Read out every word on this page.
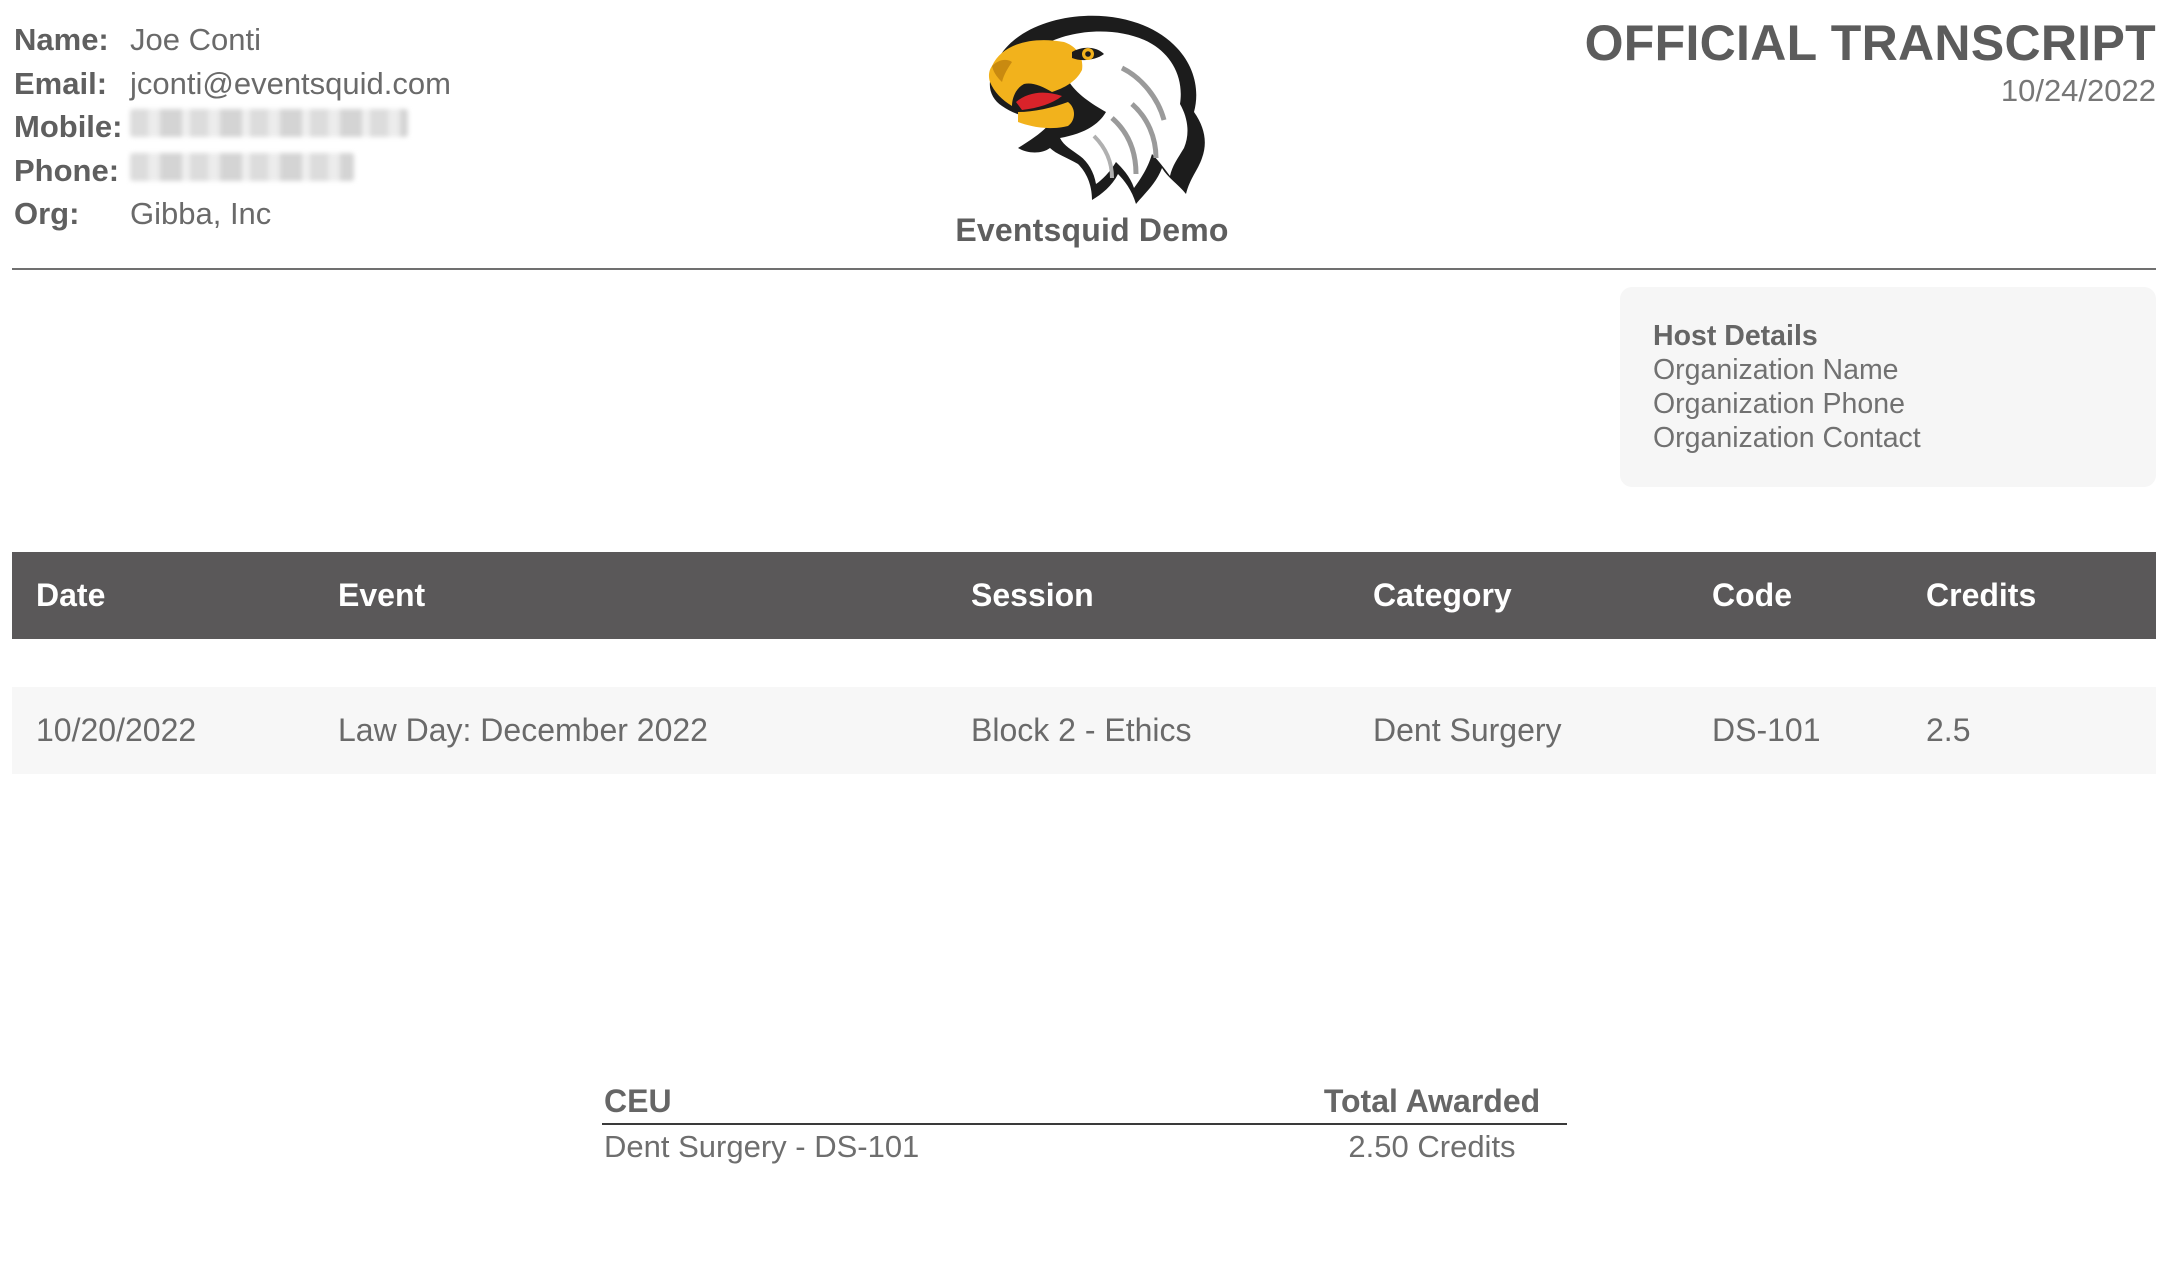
Name: Joe Conti
Email: jconti@eventsquid.com
Mobile:
Phone:
Org:	Gibba, Inc	Eventsquid Demo
OFFICIAL TRANSCRIPT
10/24/2022
Host Details
Organization Name
Organization Phone
Organization Contact
Date	Event	Session	Category	Code	Credits
10/20/2022	Law Day: December 2022	Block 2 - Ethics	Dent Surgery	DS-101	2.5
CEU	Total Awarded
Dent Surgery - DS-101	2.50 Credits
